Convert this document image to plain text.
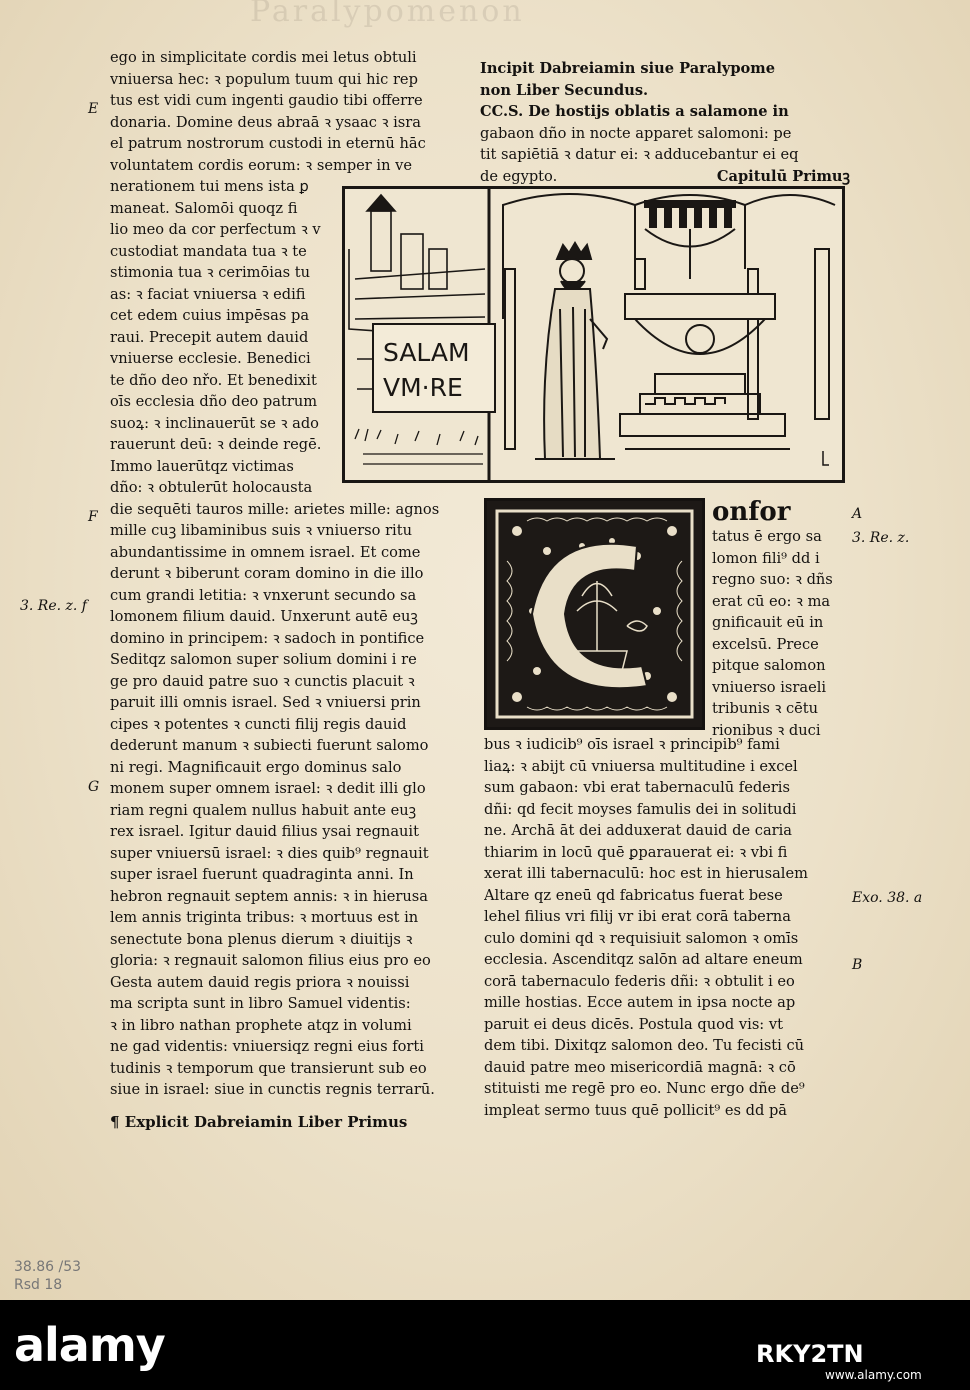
Paralypomenon
ego in simplicitate cordis mei letus obtuli
vniuersa hec: ꝛ populum tuum qui hic rep
tus est vidi cum ingenti gaudio tibi offerre
donaria. Domine deus abraā ꝛ ysaac ꝛ isra
el patrum nostrorum custodi in eternū hāc
voluntatem cordis eorum: ꝛ semper in ve
nerationem tui mens ista ꝑ
maneat. Salomōi quoqz fi
lio meo da cor perfectum ꝛ v
custodiat mandata tua ꝛ te
stimonia tua ꝛ cerimōias tu
as: ꝛ faciat vniuersa ꝛ edifi
cet edem cuius impēsas pa
raui. Precepit autem dauid
vniuerse ecclesie. Benedici
te dño deo nřo. Et benedixit
oīs ecclesia dño deo patrum
suoꝝ: ꝛ inclinauerūt se ꝛ ado
rauerunt deū: ꝛ deinde regē.
Immo lauerūtqz victimas
dño: ꝛ obtulerūt holocausta
die sequēti tauros mille: arietes mille: agnos
mille cuꝫ libaminibus suis ꝛ vniuerso ritu
abundantissime in omnem israel. Et come
derunt ꝛ biberunt coram domino in die illo
cum grandi letitia: ꝛ vnxerunt secundo sa
lomonem filium dauid. Unxerunt autē euꝫ
domino in principem: ꝛ sadoch in pontifice
Seditqz salomon super solium domini i re
ge pro dauid patre suo ꝛ cunctis placuit ꝛ
paruit illi omnis israel. Sed ꝛ vniuersi prin
cipes ꝛ potentes ꝛ cuncti filij regis dauid
dederunt manum ꝛ subiecti fuerunt salomo
ni regi. Magnificauit ergo dominus salo
monem super omnem israel: ꝛ dedit illi glo
riam regni qualem nullus habuit ante euꝫ
rex israel. Igitur dauid filius ysai regnauit
super vniuersū israel: ꝛ dies quib⁹ regnauit
super israel fuerunt quadraginta anni. In
hebron regnauit septem annis: ꝛ in hierusa
lem annis triginta tribus: ꝛ mortuus est in
senectute bona plenus dierum ꝛ diuitijs ꝛ
gloria: ꝛ regnauit salomon filius eius pro eo
Gesta autem dauid regis priora ꝛ nouissi
ma scripta sunt in libro Samuel videntis:
ꝛ in libro nathan prophete atqz in volumi
ne gad videntis: vniuersiqz regni eius forti
tudinis ꝛ temporum que transierunt sub eo
siue in israel: siue in cunctis regnis terrarū.
¶ Explicit Dabreiamin Liber Primus
Incipit Dabreiamin siue Paralypome
non Liber Secundus.
CC.S. De hostijs oblatis a salamone in
gabaon dño in nocte apparet salomoni: pe
tit sapiētiā ꝛ datur ei: ꝛ adducebantur ei eq
de egypto.	Capitulū Primuꝫ
SALAM
VM·RE
onfor
tatus ē ergo sa
lomon fili⁹ dd i
regno suo: ꝛ dñs
erat cū eo: ꝛ ma
gnificauit eū in
excelsū. Prece
pitque salomon
vniuerso israeli
tribunis ꝛ cētu
rionibus ꝛ duci
bus ꝛ iudicib⁹ oīs israel ꝛ principib⁹ fami
liaꝝ: ꝛ abijt cū vniuersa multitudine i excel
sum gabaon: vbi erat tabernaculū federis
dñi: qd fecit moyses famulis dei in solitudi
ne. Archā āt dei adduxerat dauid de caria
thiarim in locū quē ꝑparauerat ei: ꝛ vbi fi
xerat illi tabernaculū: hoc est in hierusalem
Altare qz eneū qd fabricatus fuerat bese
lehel filius vri filij vr ibi erat corā taberna
culo domini qd ꝛ requisiuit salomon ꝛ omīs
ecclesia. Ascenditqz salōn ad altare eneum
corā tabernaculo federis dñi: ꝛ obtulit i eo
mille hostias. Ecce autem in ipsa nocte ap
paruit ei deus dicēs. Postula quod vis: vt
dem tibi. Dixitqz salomon deo. Tu fecisti cū
dauid patre meo misericordiā magnā: ꝛ cō
stituisti me regē pro eo. Nunc ergo dñe de⁹
impleat sermo tuus quē pollicit⁹ es dd pā
E
F
3. Re. z. f
G
A
3. Re. z.
Exo. 38. a
B
38.86 /53
Rsd 18
alamy	RKY2TN
www.alamy.com
